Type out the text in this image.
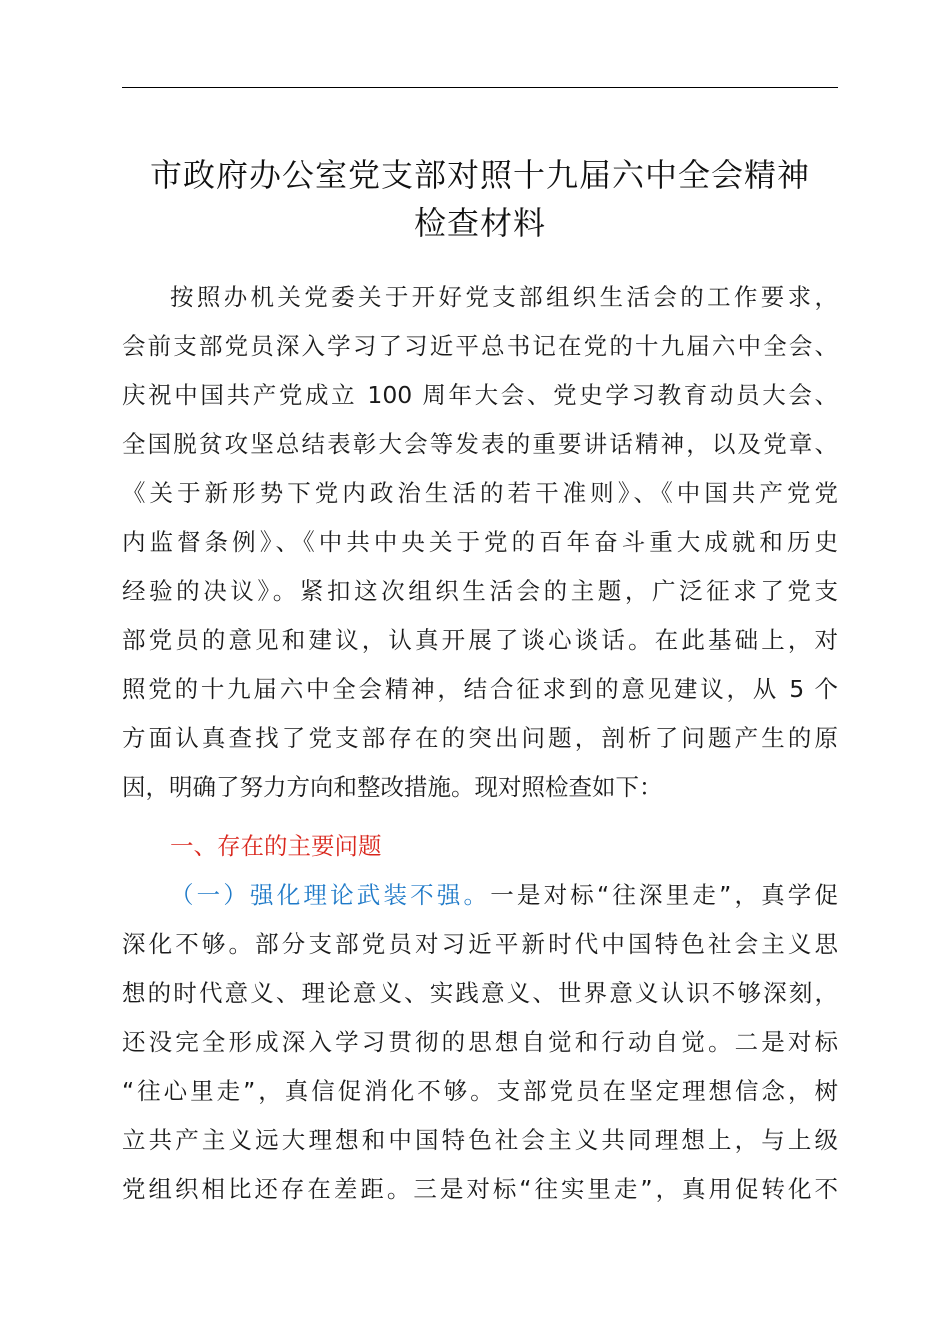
市政府办公室党支部对照十九届六中全会精神
检查材料
按照办机关党委关于开好党支部组织生活会的工作要求，
会前支部党员深入学习了习近平总书记在党的十九届六中全会、
庆祝中国共产党成立 100 周年大会、党史学习教育动员大会、
全国脱贫攻坚总结表彰大会等发表的重要讲话精神，以及党章、
《关于新形势下党内政治生活的若干准则》、《中国共产党党
内监督条例》、《中共中央关于党的百年奋斗重大成就和历史
经验的决议》。紧扣这次组织生活会的主题，广泛征求了党支
部党员的意见和建议，认真开展了谈心谈话。在此基础上，对
照党的十九届六中全会精神，结合征求到的意见建议，从 5 个
方面认真查找了党支部存在的突出问题，剖析了问题产生的原
因，明确了努力方向和整改措施。现对照检查如下：
一、存在的主要问题
（一）强化理论武装不强。一是对标“往深里走”，真学促
深化不够。部分支部党员对习近平新时代中国特色社会主义思
想的时代意义、理论意义、实践意义、世界意义认识不够深刻，
还没完全形成深入学习贯彻的思想自觉和行动自觉。二是对标
“往心里走”，真信促消化不够。支部党员在坚定理想信念，树
立共产主义远大理想和中国特色社会主义共同理想上，与上级
党组织相比还存在差距。三是对标“往实里走”，真用促转化不
